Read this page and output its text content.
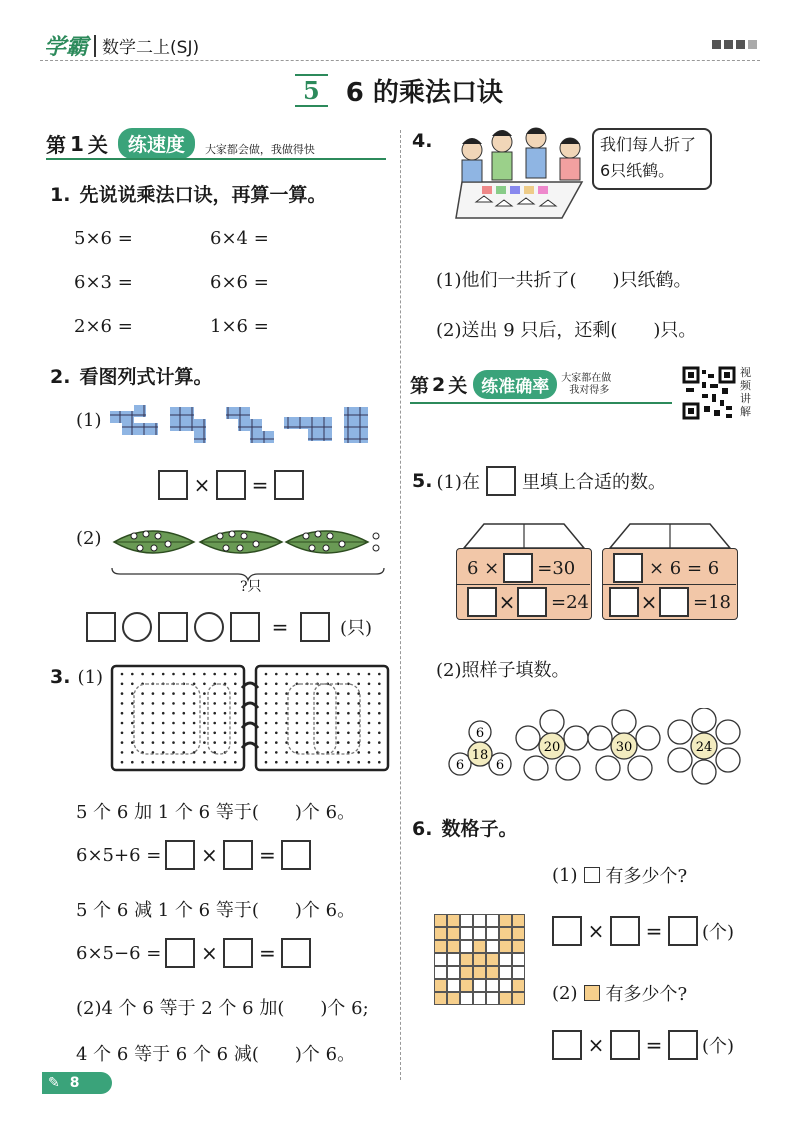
学霸 数学二上(SJ)
5	6 的乘法口诀
第 1 关	练速度	大家都会做，我做得快
1. 先说说乘法口诀，再算一算。
5×6 =	6×4 =
6×3 =	6×6 =
2×6 =	1×6 =
2. 看图列式计算。
(1)
× =
(2)
?只
=	(只)
3. (1)
5 个 6 加 1 个 6 等于(　　)个 6。
6×5+6 = × =
5 个 6 减 1 个 6 等于(　　)个 6。
6×5−6 = × =
(2)4 个 6 等于 2 个 6 加(　　)个 6;
4 个 6 等于 6 个 6 减(　　)个 6。
4.	我们每人折了
6只纸鹤。
(1)他们一共折了(　　)只纸鹤。
(2)送出 9 只后，还剩(　　)只。
第 2 关 练准确率	大家都在做
我对得多
视频讲解
5. (1)在 里填上合适的数。
6 × =30
× =24
× 6 = 6
× =18
(2)照样子填数。
6
6 6
18
20	30	24
6. 数格子。
(1) 有多少个?
× =	(个)
(2) 有多少个?
× =	(个)
✎ 8
